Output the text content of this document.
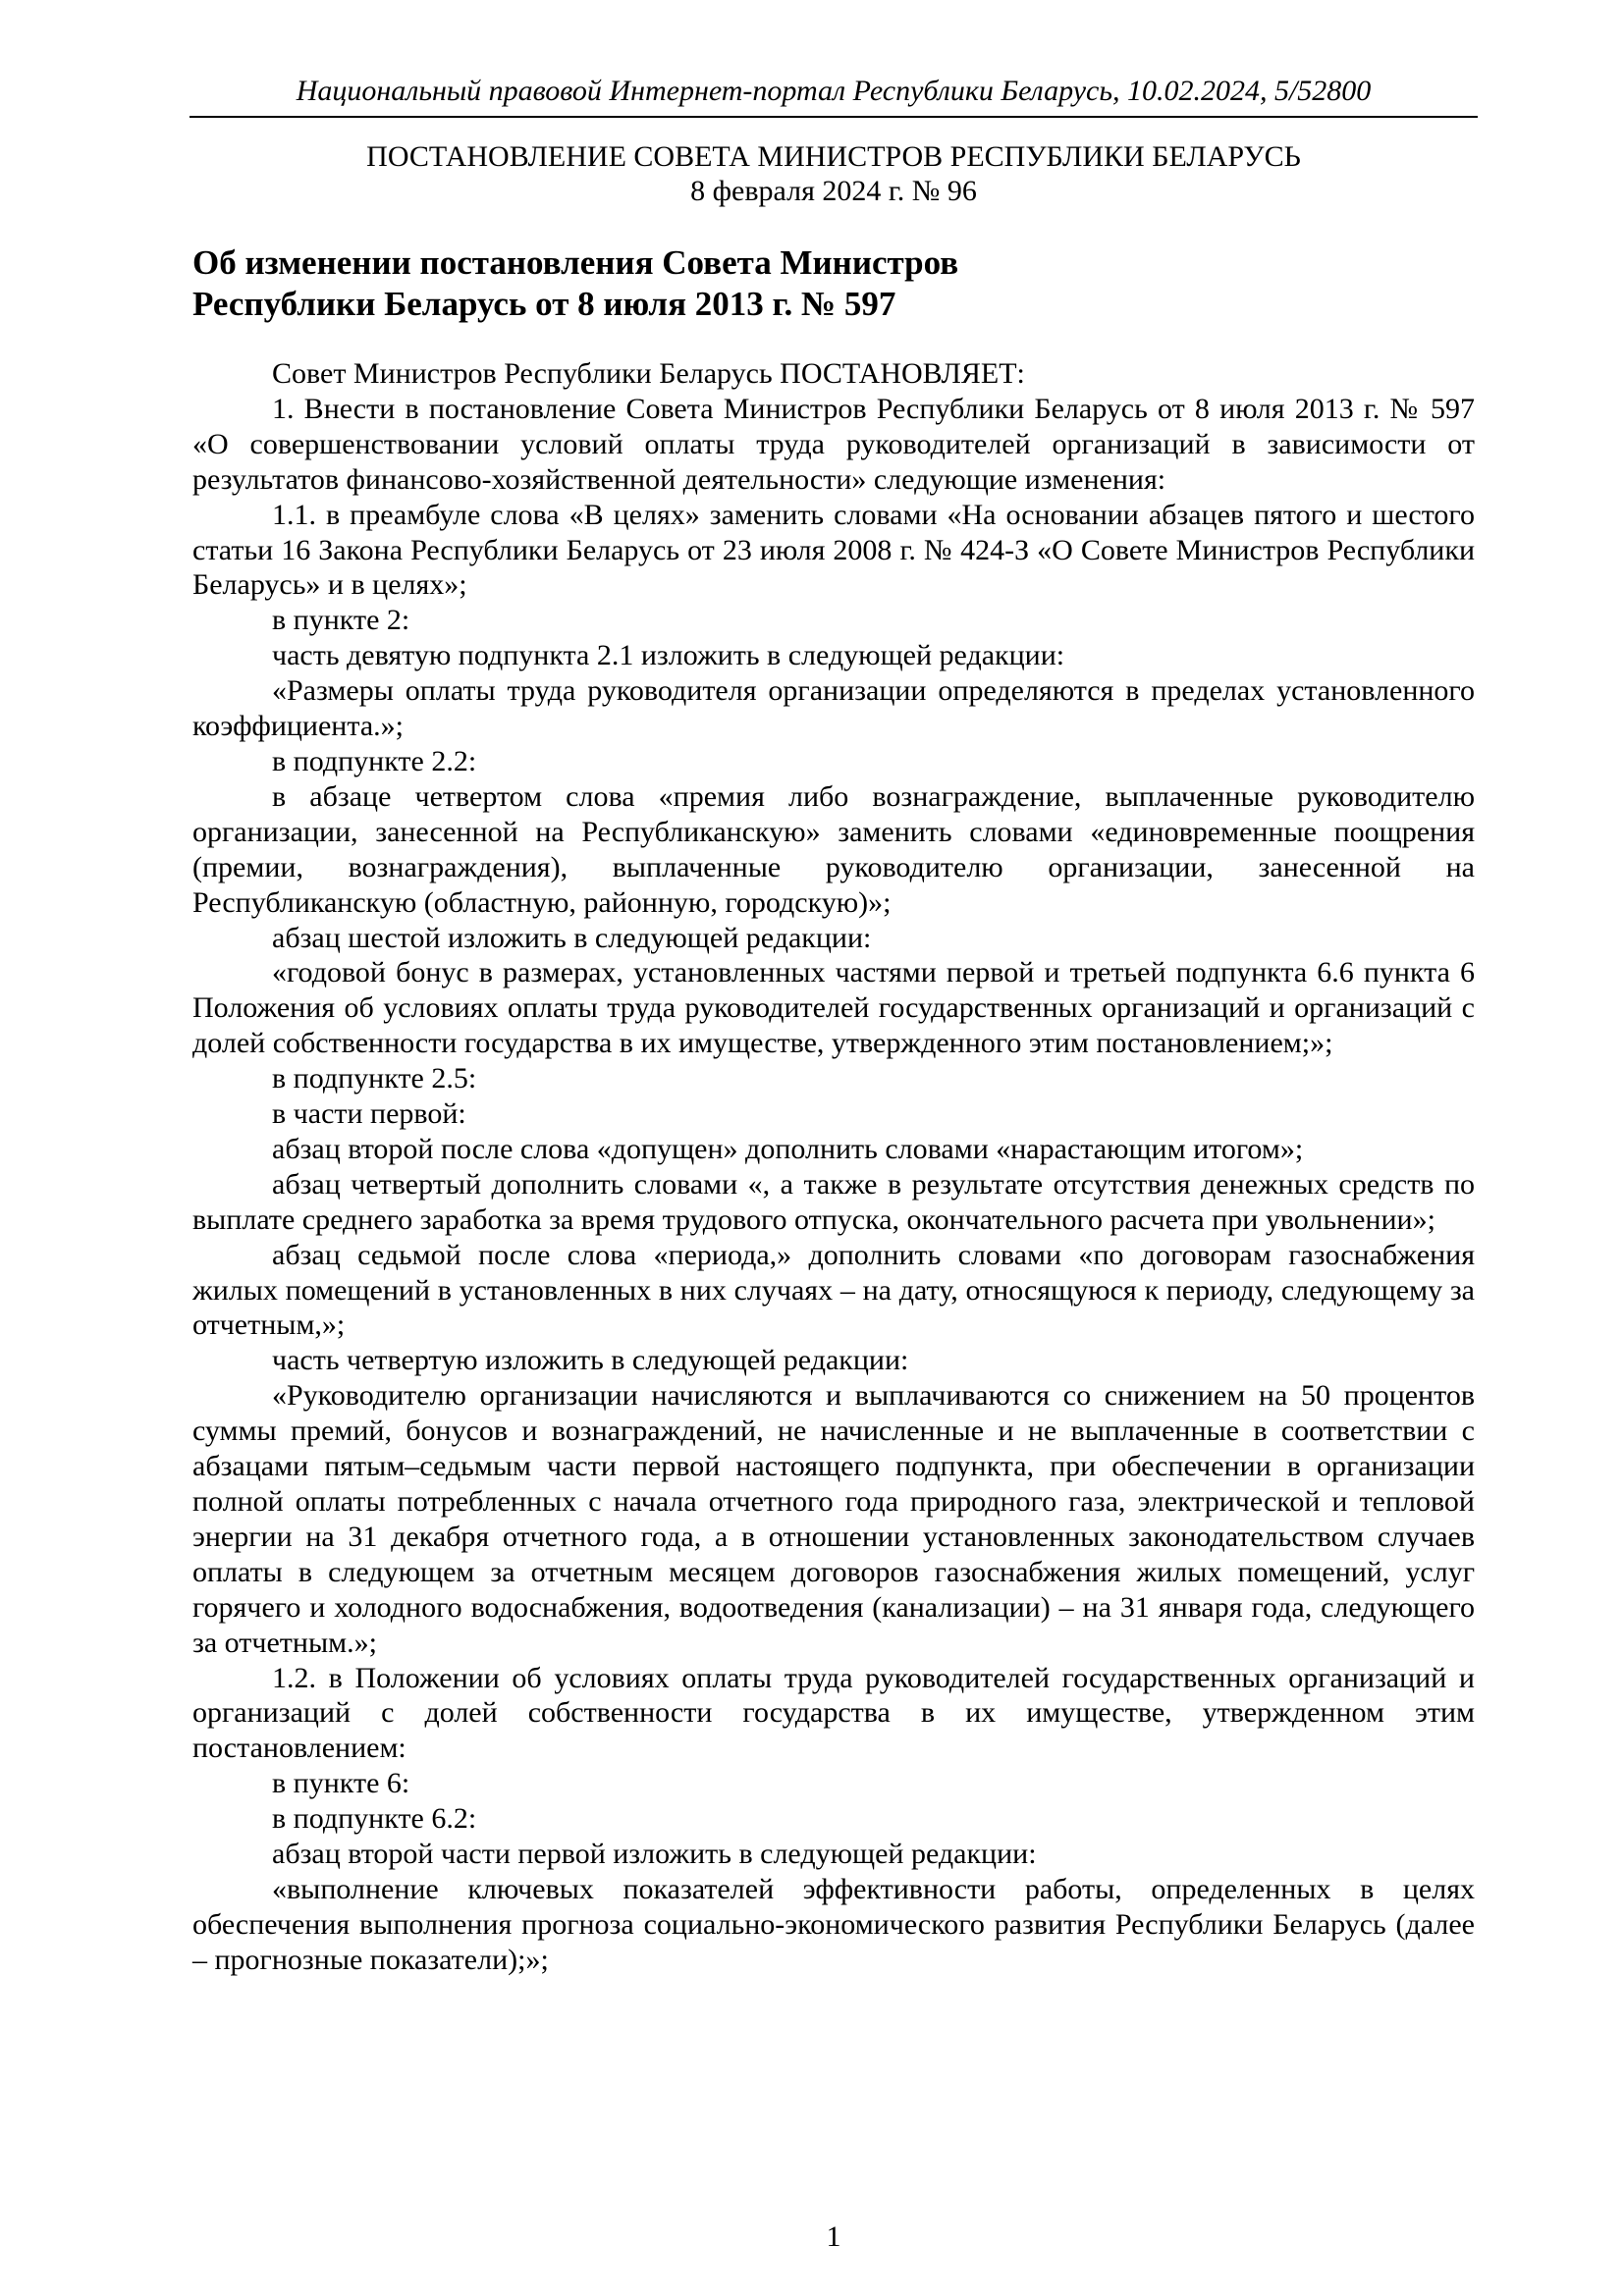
Национальный правовой Интернет-портал Республики Беларусь, 10.02.2024, 5/52800
ПОСТАНОВЛЕНИЕ СОВЕТА МИНИСТРОВ РЕСПУБЛИКИ БЕЛАРУСЬ
8 февраля 2024 г. № 96
Об изменении постановления Совета Министров
Республики Беларусь от 8 июля 2013 г. № 597

Совет Министров Республики Беларусь ПОСТАНОВЛЯЕТ:

1. Внести в постановление Совета Министров Республики Беларусь от 8 июля 2013 г. № 597 «О совершенствовании условий оплаты труда руководителей организаций в зависимости от результатов финансово-хозяйственной деятельности» следующие изменения:

1.1. в преамбуле слова «В целях» заменить словами «На основании абзацев пятого и шестого статьи 16 Закона Республики Беларусь от 23 июля 2008 г. № 424-З «О Совете Министров Республики Беларусь» и в целях»;

в пункте 2:

часть девятую подпункта 2.1 изложить в следующей редакции:

«Размеры оплаты труда руководителя организации определяются в пределах установленного коэффициента.»;

в подпункте 2.2:

в абзаце четвертом слова «премия либо вознаграждение, выплаченные руководителю организации, занесенной на Республиканскую» заменить словами «единовременные поощрения (премии, вознаграждения), выплаченные руководителю организации, занесенной на Республиканскую (областную, районную, городскую)»;

абзац шестой изложить в следующей редакции:

«годовой бонус в размерах, установленных частями первой и третьей подпункта 6.6 пункта 6 Положения об условиях оплаты труда руководителей государственных организаций и организаций с долей собственности государства в их имуществе, утвержденного этим постановлением;»;

в подпункте 2.5:

в части первой:

абзац второй после слова «допущен» дополнить словами «нарастающим итогом»;

абзац четвертый дополнить словами «, а также в результате отсутствия денежных средств по выплате среднего заработка за время трудового отпуска, окончательного расчета при увольнении»;

абзац седьмой после слова «периода,» дополнить словами «по договорам газоснабжения жилых помещений в установленных в них случаях – на дату, относящуюся к периоду, следующему за отчетным,»;

часть четвертую изложить в следующей редакции:

«Руководителю организации начисляются и выплачиваются со снижением на 50 процентов суммы премий, бонусов и вознаграждений, не начисленные и не выплаченные в соответствии с абзацами пятым–седьмым части первой настоящего подпункта, при обеспечении в организации полной оплаты потребленных с начала отчетного года природного газа, электрической и тепловой энергии на 31 декабря отчетного года, а в отношении установленных законодательством случаев оплаты в следующем за отчетным месяцем договоров газоснабжения жилых помещений, услуг горячего и холодного водоснабжения, водоотведения (канализации) – на 31 января года, следующего за отчетным.»;

1.2. в Положении об условиях оплаты труда руководителей государственных организаций и организаций с долей собственности государства в их имуществе, утвержденном этим постановлением:

в пункте 6:

в подпункте 6.2:

абзац второй части первой изложить в следующей редакции:

«выполнение ключевых показателей эффективности работы, определенных в целях обеспечения выполнения прогноза социально-экономического развития Республики Беларусь (далее – прогнозные показатели);»;

1
